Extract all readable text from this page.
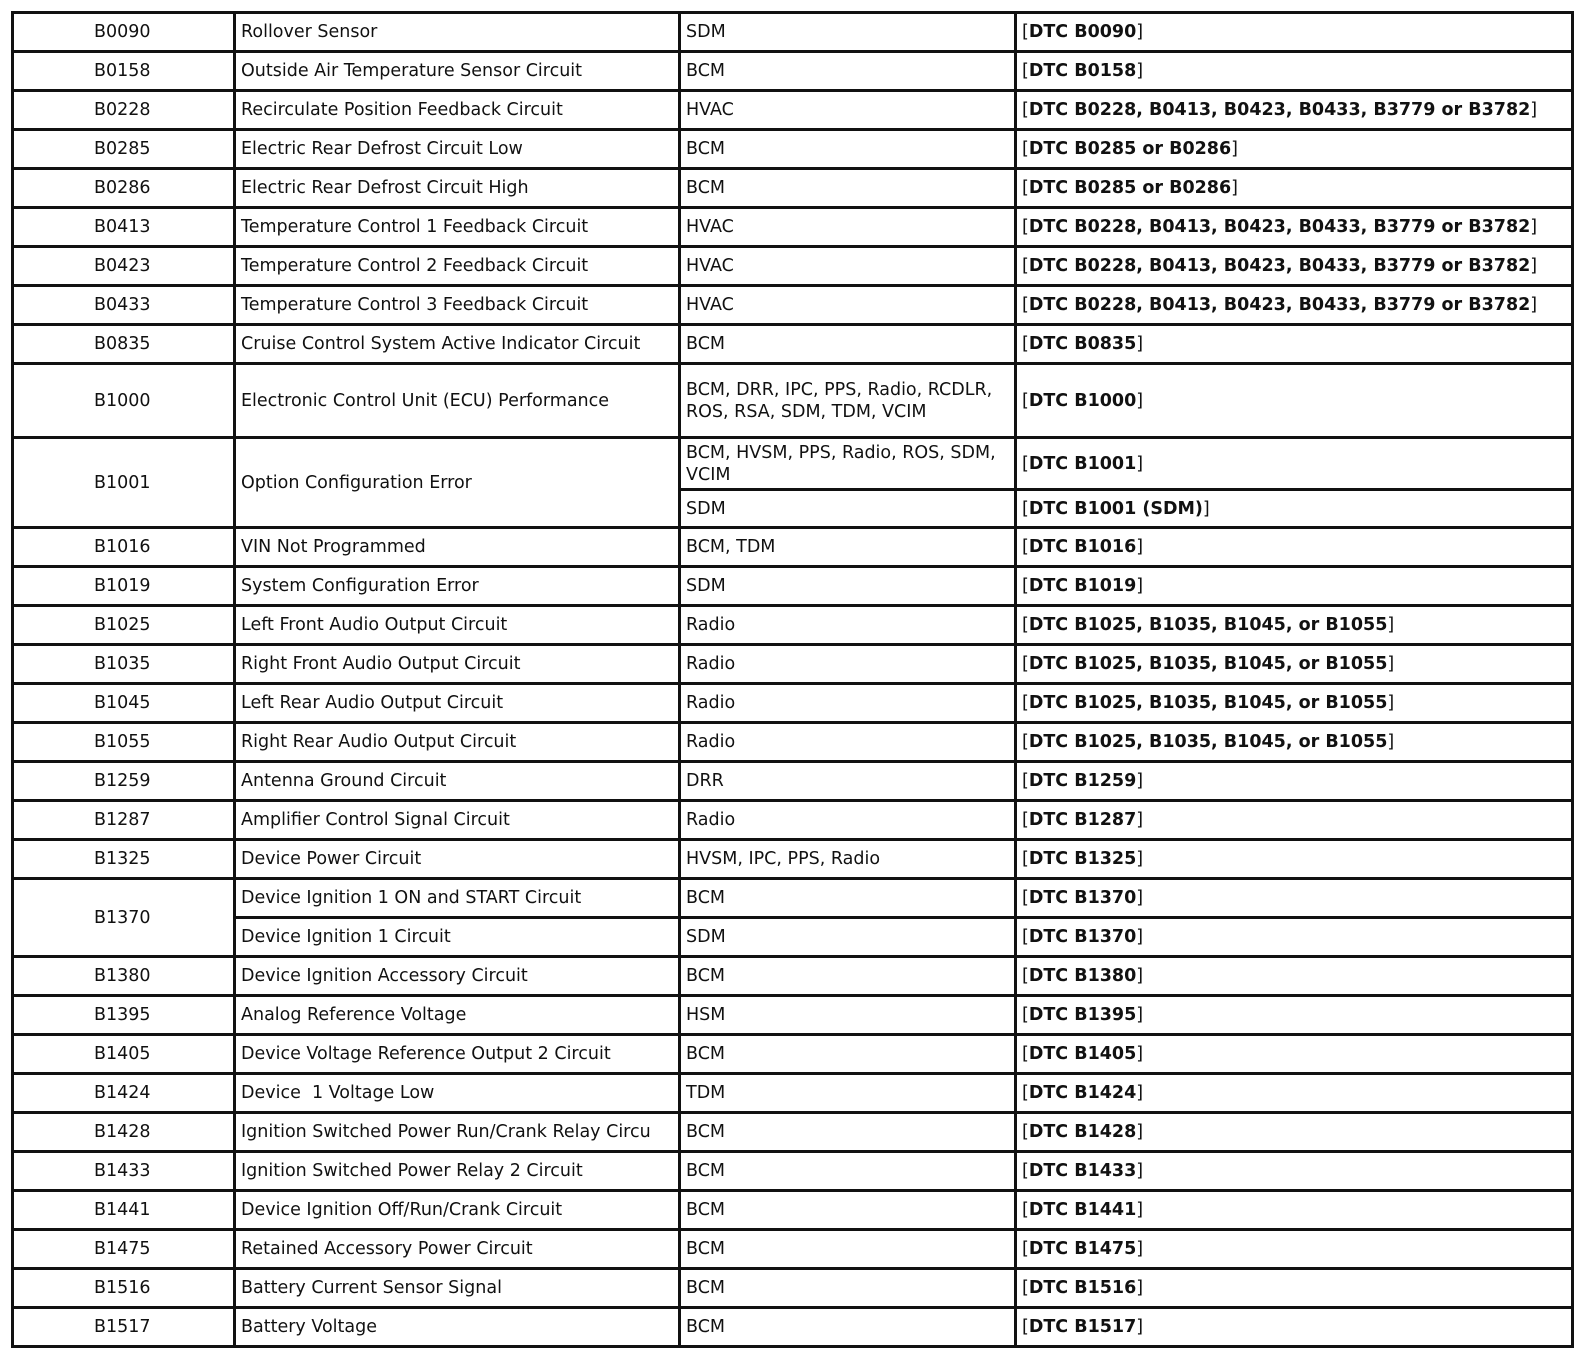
B0090	Rollover Sensor	SDM	[DTC B0090]
B0158	Outside Air Temperature Sensor Circuit	BCM	[DTC B0158]
B0228	Recirculate Position Feedback Circuit	HVAC	[DTC B0228, B0413, B0423, B0433, B3779 or B3782]
B0285	Electric Rear Defrost Circuit Low	BCM	[DTC B0285 or B0286]
B0286	Electric Rear Defrost Circuit High	BCM	[DTC B0285 or B0286]
B0413	Temperature Control 1 Feedback Circuit	HVAC	[DTC B0228, B0413, B0423, B0433, B3779 or B3782]
B0423	Temperature Control 2 Feedback Circuit	HVAC	[DTC B0228, B0413, B0423, B0433, B3779 or B3782]
B0433	Temperature Control 3 Feedback Circuit	HVAC	[DTC B0228, B0413, B0423, B0433, B3779 or B3782]
B0835	Cruise Control System Active Indicator Circuit	BCM	[DTC B0835]
B1000	Electronic Control Unit (ECU) Performance	BCM, DRR, IPC, PPS, Radio, RCDLR, ROS, RSA, SDM, TDM, VCIM	[DTC B1000]
B1001	Option Configuration Error	BCM, HVSM, PPS, Radio, ROS, SDM, VCIM	[DTC B1001]
		SDM	[DTC B1001 (SDM)]
B1016	VIN Not Programmed	BCM, TDM	[DTC B1016]
B1019	System Configuration Error	SDM	[DTC B1019]
B1025	Left Front Audio Output Circuit	Radio	[DTC B1025, B1035, B1045, or B1055]
B1035	Right Front Audio Output Circuit	Radio	[DTC B1025, B1035, B1045, or B1055]
B1045	Left Rear Audio Output Circuit	Radio	[DTC B1025, B1035, B1045, or B1055]
B1055	Right Rear Audio Output Circuit	Radio	[DTC B1025, B1035, B1045, or B1055]
B1259	Antenna Ground Circuit	DRR	[DTC B1259]
B1287	Amplifier Control Signal Circuit	Radio	[DTC B1287]
B1325	Device Power Circuit	HVSM, IPC, PPS, Radio	[DTC B1325]
B1370	Device Ignition 1 ON and START Circuit	BCM	[DTC B1370]
	Device Ignition 1 Circuit	SDM	[DTC B1370]
B1380	Device Ignition Accessory Circuit	BCM	[DTC B1380]
B1395	Analog Reference Voltage	HSM	[DTC B1395]
B1405	Device Voltage Reference Output 2 Circuit	BCM	[DTC B1405]
B1424	Device  1 Voltage Low	TDM	[DTC B1424]
B1428	Ignition Switched Power Run/Crank Relay Circu	BCM	[DTC B1428]
B1433	Ignition Switched Power Relay 2 Circuit	BCM	[DTC B1433]
B1441	Device Ignition Off/Run/Crank Circuit	BCM	[DTC B1441]
B1475	Retained Accessory Power Circuit	BCM	[DTC B1475]
B1516	Battery Current Sensor Signal	BCM	[DTC B1516]
B1517	Battery Voltage	BCM	[DTC B1517]
